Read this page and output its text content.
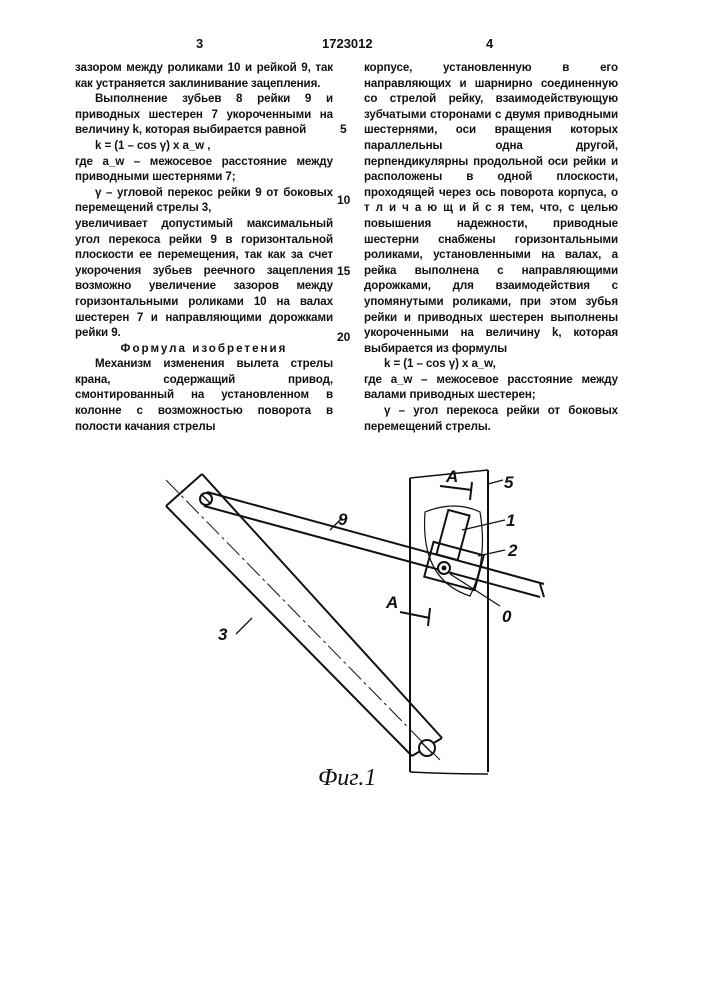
3	1723012	4

зазором между роликами 10 и рейкой 9, так как устраняется заклинивание зацепления.

Выполнение зубьев 8 рейки 9 и приводных шестерен 7 укороченными на величину k, которая выбирается равной

k = (1 – cos γ) x a_w ,

где a_w – межосевое расстояние между приводными шестернями 7;

γ – угловой перекос рейки 9 от боковых перемещений стрелы 3,

увеличивает допустимый максимальный угол перекоса рейки 9 в горизонтальной плоскости ее перемещения, так как за счет укорочения зубьев реечного зацепления возможно увеличение зазоров между горизонтальными роликами 10 на валах шестерен 7 и направляющими дорожками рейки 9.

Формула изобретения

Механизм изменения вылета стрелы крана, содержащий привод, смонтированный на установленном в колонне с возможностью поворота в полости качания стрелы

5
10
15
20

корпусе, установленную в его направляющих и шарнирно соединенную со стрелой рейку, взаимодействующую зубчатыми сторонами с двумя приводными шестернями, оси вращения которых параллельны одна другой, перпендикулярны продольной оси рейки и расположены в одной плоскости, проходящей через ось поворота корпуса, о т л и ч а ю щ и й с я тем, что, с целью повышения надежности, приводные шестерни снабжены горизонтальными роликами, установленными на валах, а рейка выполнена с направляющими дорожками, для взаимодействия с упомянутыми роликами, при этом зубья рейки и приводных шестерен выполнены укороченными на величину k, которая выбирается из формулы

k = (1 – cos γ) x a_w,

где a_w – межосевое расстояние между валами приводных шестерен;

γ – угол перекоса рейки от боковых перемещений стрелы.

9
5
1
2
0
A
A
3
Фиг.1
